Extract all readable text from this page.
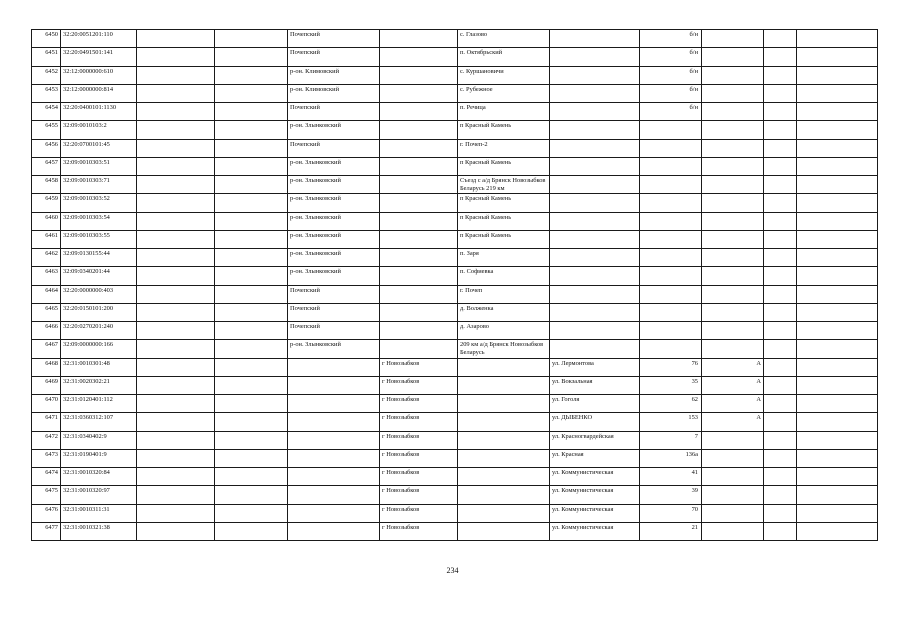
6450	32:20:0051201:110			Почепский		с. Глазово		б/н			
6451	32:20:0491501:141			Почепский		п. Октябрьский		б/н			
6452	32:12:0000000:610			р-он. Климовский		с. Куршановичи		б/н			
6453	32:12:0000000:814			р-он. Климовский		с. Рубежное		б/н			
6454	32:20:0400101:1130			Почепский		п. Речица		б/н			
6455	32:09:0010103:2			р-он. Злынковский		п Красный Камень					
6456	32:20:0700101:45			Почепский		г. Почеп-2					
6457	32:09:0010303:51			р-он. Злынковский		п Красный Камень					
6458	32:09:0010303:71			р-он. Злынковский		Съезд с а/д Брянск Новозыбков Беларусь 219 км					
6459	32:09:0010303:52			р-он. Злынковский		п Красный Камень					
6460	32:09:0010303:54			р-он. Злынковский		п Красный Камень					
6461	32:09:0010303:55			р-он. Злынковский		п Красный Камень					
6462	32:09:0130155:44			р-он. Злынковский		п. Заря					
6463	32:09:0340201:44			р-он. Злынковский		п. Софиевка					
6464	32:20:0000000:403			Почепский		г. Почеп					
6465	32:20:0150101:200			Почепский		д. Волженка					
6466	32:20:0270201:240			Почепский		д. Азарово					
6467	32:09:0000000:166			р-он. Злынковский		209 км а/д Брянск Новозыбков Беларусь					
6468	32:31:0010301:48				г Новозыбков		ул. Лермонтова	76	А		
6469	32:31:0020302:21				г Новозыбков		ул. Вокзальная	35	А		
6470	32:31:0120401:112				г Новозыбков		ул. Гоголя	62	А		
6471	32:31:0360312:107				г Новозыбков		ул. ДЫБЕНКО	153	А		
6472	32:31:0340402:9				г Новозыбков		ул. Красногвардейская	7			
6473	32:31:0190401:9				г Новозыбков		ул. Красная	136а			
6474	32:31:0010320:84				г Новозыбков		ул. Коммунистическая	41			
6475	32:31:0010320:97				г Новозыбков		ул. Коммунистическая	39			
6476	32:31:0010311:31				г Новозыбков		ул. Коммунистическая	70			
6477	32:31:0010321:38				г Новозыбков		ул. Коммунистическая	21			
234
